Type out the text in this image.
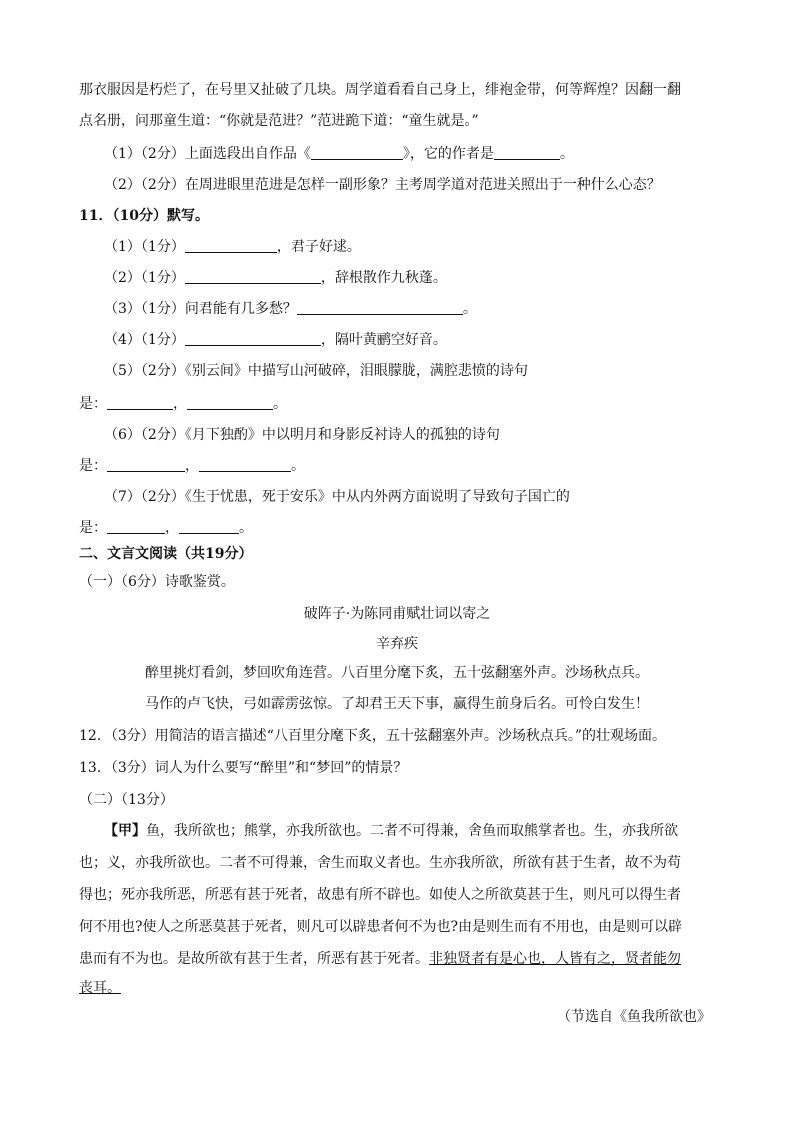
那衣服因是朽烂了，在号里又扯破了几块。周学道看看自己身上，绯袍金带，何等辉煌？因翻一翻
点名册，问那童生道：“你就是范进？”范进跪下道：“童生就是。”
（1）（2分）上面选段出自作品《	》，它的作者是	。
（2）（2分）在周进眼里范进是怎样一副形象？主考周学道对范进关照出于一种什么心态？
11．（10分）默写。
（1）（1分）	，君子好逑。
（2）（1分）	，辞根散作九秋蓬。
（3）（1分）问君能有几多愁？	。
（4）（1分）	，隔叶黄鹂空好音。
（5）（2分）《别云间》中描写山河破碎，泪眼朦胧，满腔悲愤的诗句
是：	，	。
（6）（2分）《月下独酌》中以明月和身影反衬诗人的孤独的诗句
是：	，	。
（7）（2分）《生于忧患，死于安乐》中从内外两方面说明了导致句子国亡的
是：	，	。
二、文言文阅读（共19分）
（一）（6分）诗歌鉴赏。
破阵子·为陈同甫赋壮词以寄之
辛弃疾
醉里挑灯看剑，梦回吹角连营。八百里分麾下炙，五十弦翻塞外声。沙场秋点兵。
马作的卢飞快，弓如霹雳弦惊。了却君王天下事，赢得生前身后名。可怜白发生！
12．（3分）用简洁的语言描述“八百里分麾下炙，五十弦翻塞外声。沙场秋点兵。”的壮观场面。
13．（3分）词人为什么要写“醉里”和“梦回”的情景？
（二）（13分）
【甲】鱼，我所欲也；熊掌，亦我所欲也。二者不可得兼，舍鱼而取熊掌者也。生，亦我所欲
也；义，亦我所欲也。二者不可得兼，舍生而取义者也。生亦我所欲，所欲有甚于生者，故不为苟
得也；死亦我所恶，所恶有甚于死者，故患有所不辟也。如使人之所欲莫甚于生，则凡可以得生者
何不用也?使人之所恶莫甚于死者，则凡可以辟患者何不为也?由是则生而有不用也，由是则可以辟
患而有不为也。是故所欲有甚于生者，所恶有甚于死者。非独贤者有是心也，人皆有之，贤者能勿
丧耳。
（节选自《鱼我所欲也》
